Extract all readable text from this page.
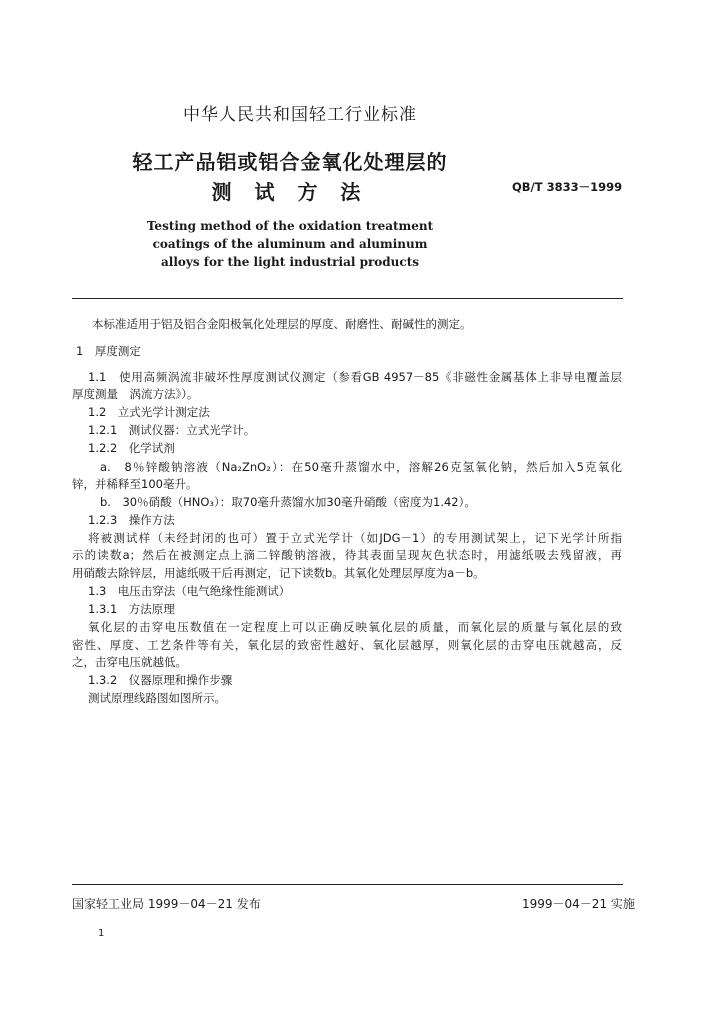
中华人民共和国轻工行业标准
轻工产品铝或铝合金氧化处理层的
测 试 方 法	QB/T 3833－1999
Testing method of the oxidation treatment
coatings of the aluminum and aluminum
alloys for the light industrial products
本标准适用于铝及铝合金阳极氧化处理层的厚度、耐磨性、耐碱性的测定。
1　厚度测定
1.1　使用高频涡流非破坏性厚度测试仪测定（参看GB 4957－85《非磁性金属基体上非导电覆盖层
厚度测量　涡流方法》）。
1.2　立式光学计测定法
1.2.1　测试仪器：立式光学计。
1.2.2　化学试剂
a.　8％锌酸钠溶液（Na₂ZnO₂）：在50毫升蒸馏水中，溶解26克氢氧化钠，然后加入5克氧化
锌，并稀释至100毫升。
b.　30％硝酸（HNO₃）：取70毫升蒸馏水加30毫升硝酸（密度为1.42）。
1.2.3　操作方法
将被测试样（未经封闭的也可）置于立式光学计（如JDG－1）的专用测试架上，记下光学计所指
示的读数a；然后在被测定点上滴二锌酸钠溶液，待其表面呈现灰色状态时，用滤纸吸去残留液，再
用硝酸去除锌层，用滤纸吸干后再测定，记下读数b。其氧化处理层厚度为a－b。
1.3　电压击穿法（电气绝缘性能测试）
1.3.1　方法原理
氧化层的击穿电压数值在一定程度上可以正确反映氧化层的质量，而氧化层的质量与氧化层的致
密性、厚度、工艺条件等有关，氧化层的致密性越好、氧化层越厚，则氧化层的击穿电压就越高，反
之，击穿电压就越低。
1.3.2　仪器原理和操作步骤
测试原理线路图如图所示。
国家轻工业局 1999－04－21 发布	1999－04－21 实施
1
